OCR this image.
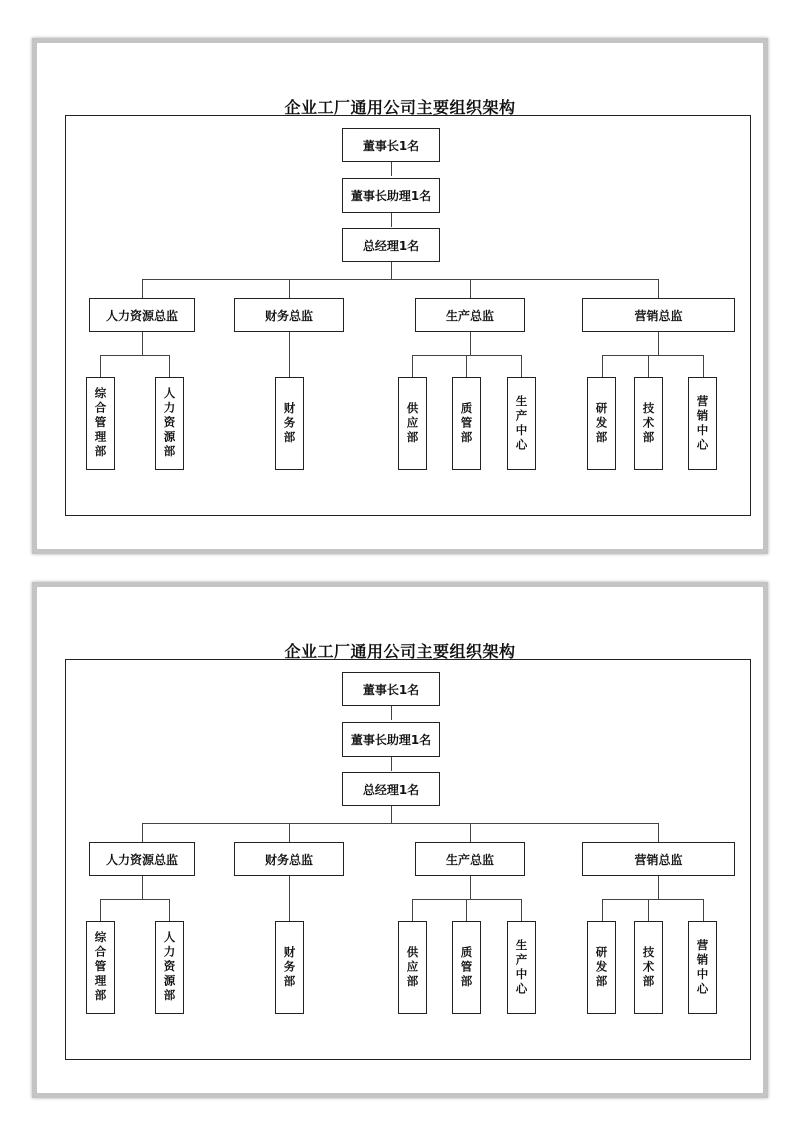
企业工厂通用公司主要组织架构
董事长1名
董事长助理1名
总经理1名
人力资源总监	财务总监	生产总监	营销总监
综合管理部	人力资源部	财务部	供应部	质管部	生产中心	研发部	技术部	营销中心
企业工厂通用公司主要组织架构
董事长1名
董事长助理1名
总经理1名
人力资源总监	财务总监	生产总监	营销总监
综合管理部	人力资源部	财务部	供应部	质管部	生产中心	研发部	技术部	营销中心
